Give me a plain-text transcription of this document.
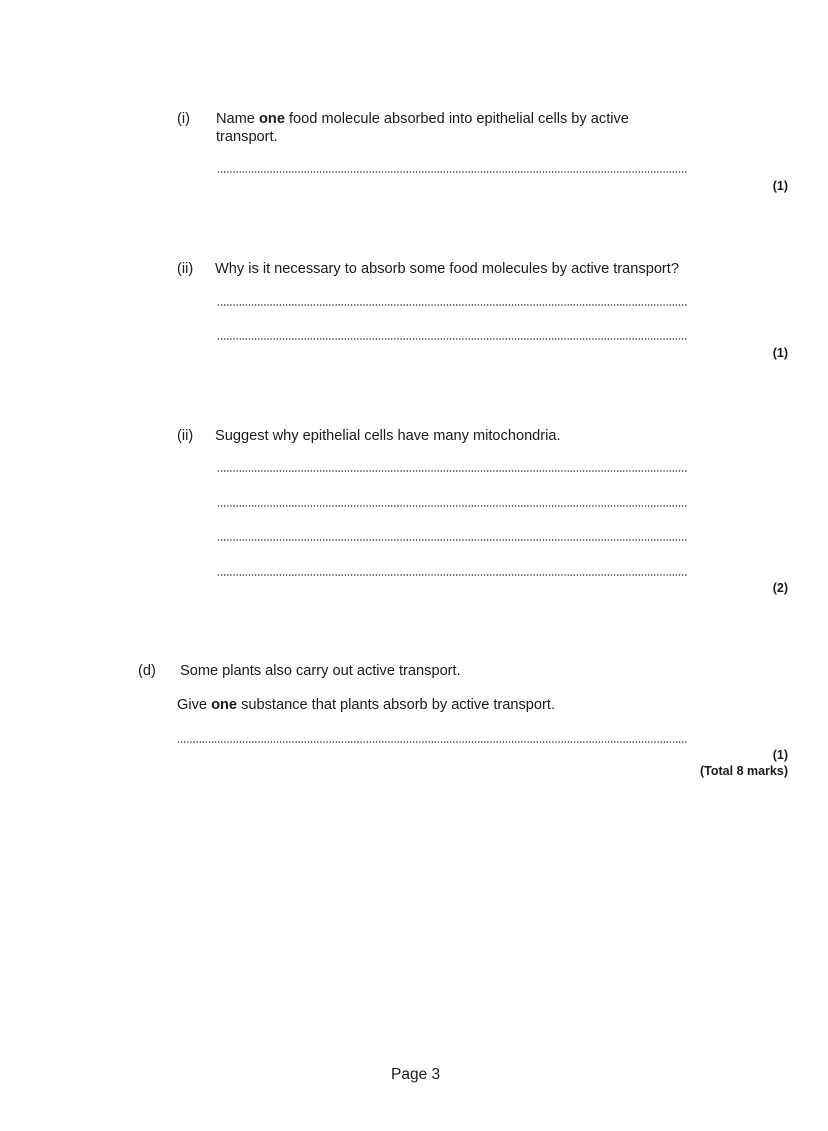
(i) Name one food molecule absorbed into epithelial cells by active
transport.
(1)
(ii) Why is it necessary to absorb some food molecules by active transport?
(1)
(ii) Suggest why epithelial cells have many mitochondria.
(2)
(d) Some plants also carry out active transport.
Give one substance that plants absorb by active transport.
(1)
(Total 8 marks)
Page 3
